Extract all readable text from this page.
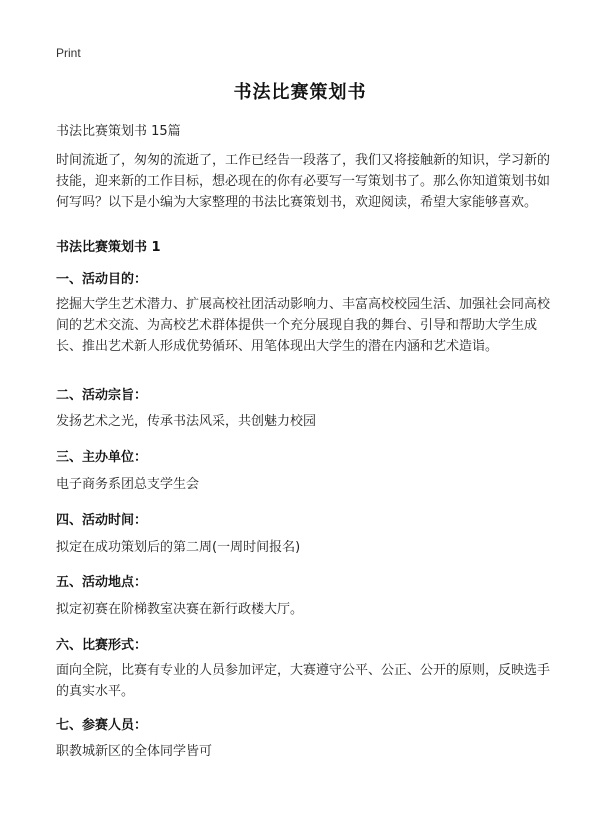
Print
书法比赛策划书
书法比赛策划书 15篇
时间流逝了，匆匆的流逝了，工作已经告一段落了，我们又将接触新的知识，学习新的技能，迎来新的工作目标，想必现在的你有必要写一写策划书了。那么你知道策划书如何写吗？以下是小编为大家整理的书法比赛策划书，欢迎阅读，希望大家能够喜欢。
书法比赛策划书 1
一、活动目的：
挖掘大学生艺术潜力、扩展高校社团活动影响力、丰富高校校园生活、加强社会同高校间的艺术交流、为高校艺术群体提供一个充分展现自我的舞台、引导和帮助大学生成长、推出艺术新人形成优势循环、用笔体现出大学生的潜在内涵和艺术造诣。
二、活动宗旨：
发扬艺术之光，传承书法风采，共创魅力校园
三、主办单位：
电子商务系团总支学生会
四、活动时间：
拟定在成功策划后的第二周(一周时间报名)
五、活动地点：
拟定初赛在阶梯教室决赛在新行政楼大厅。
六、比赛形式：
面向全院，比赛有专业的人员参加评定，大赛遵守公平、公正、公开的原则，反映选手的真实水平。
七、参赛人员：
职教城新区的全体同学皆可
